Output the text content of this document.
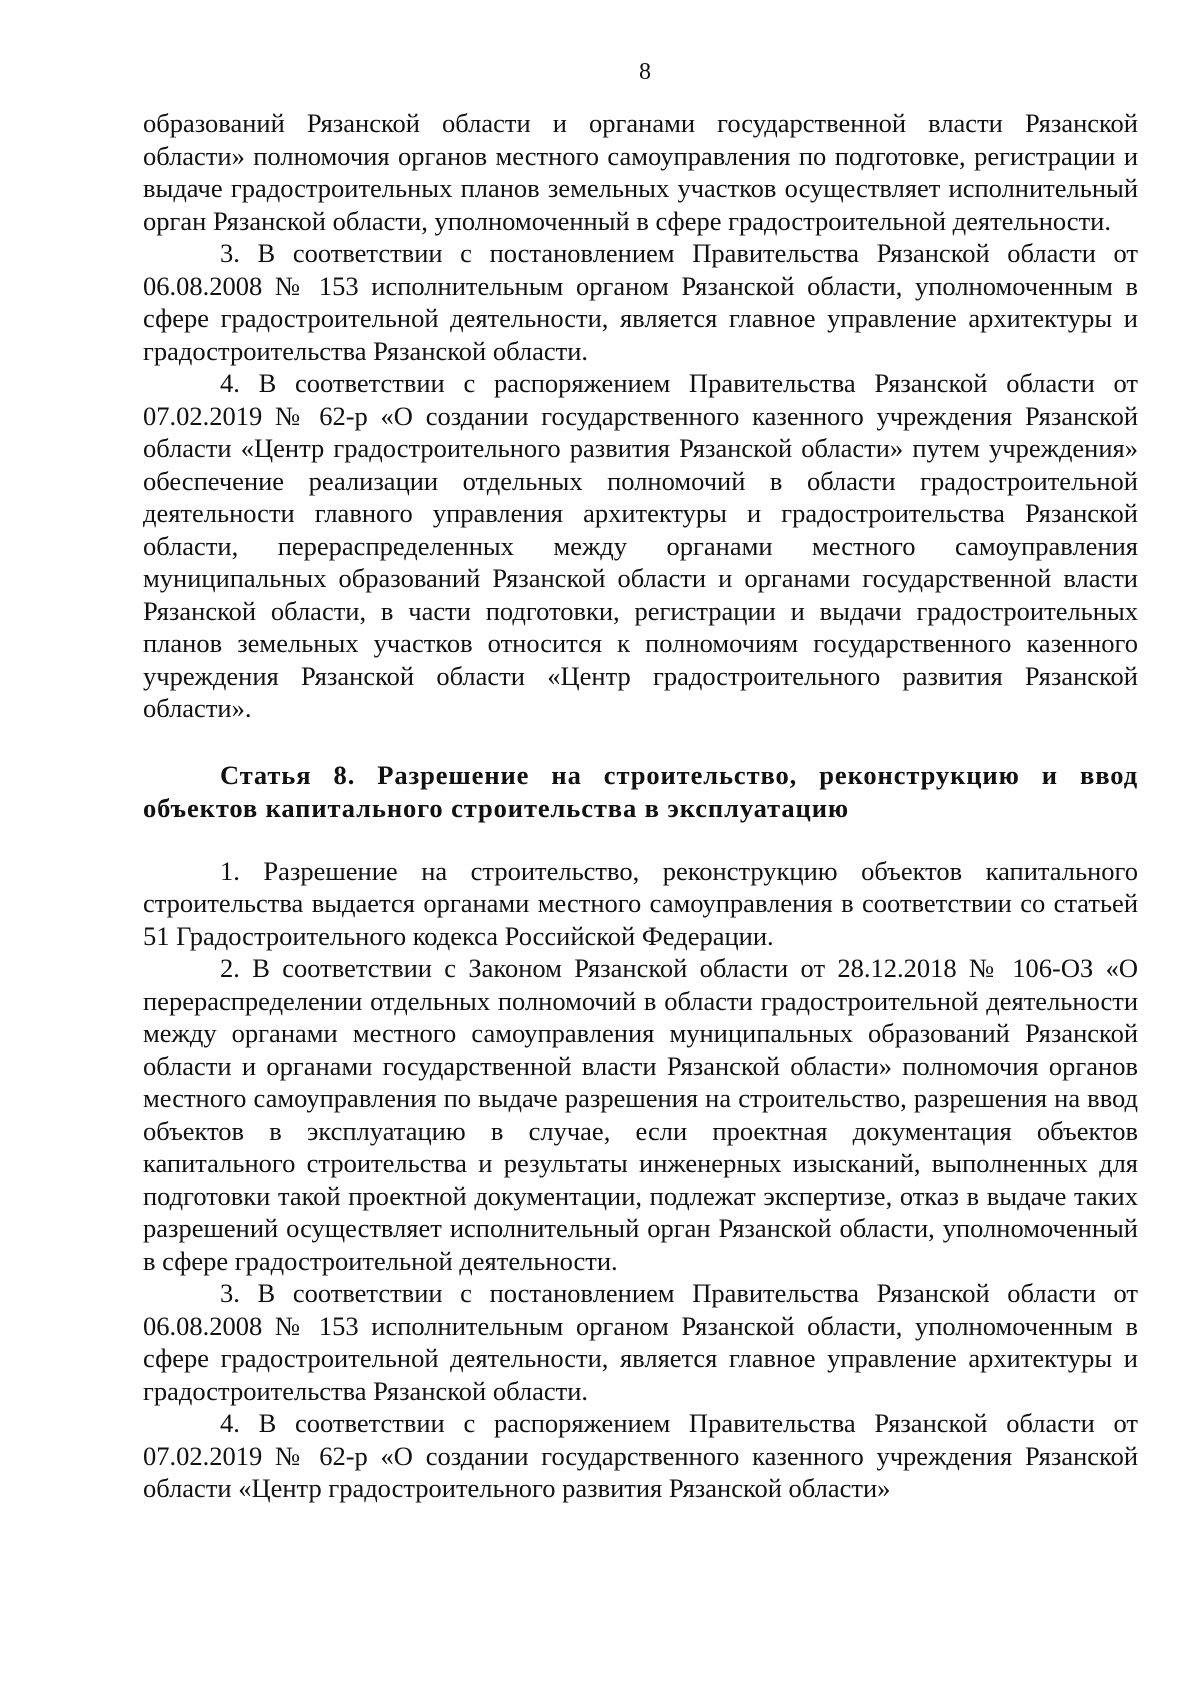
8

образований Рязанской области и органами государственной власти Рязанской области» полномочия органов местного самоуправления по подготовке, регистрации и выдаче градостроительных планов земельных участков осуществляет исполнительный орган Рязанской области, уполномоченный в сфере градостроительной деятельности.

3. В соответствии с постановлением Правительства Рязанской области от 06.08.2008 № 153 исполнительным органом Рязанской области, уполномоченным в сфере градостроительной деятельности, является главное управление архитектуры и градостроительства Рязанской области.

4. В соответствии с распоряжением Правительства Рязанской области от 07.02.2019 № 62-р «О создании государственного казенного учреждения Рязанской области «Центр градостроительного развития Рязанской области» путем учреждения» обеспечение реализации отдельных полномочий в области градостроительной деятельности главного управления архитектуры и градостроительства Рязанской области, перераспределенных между органами местного самоуправления муниципальных образований Рязанской области и органами государственной власти Рязанской области, в части подготовки, регистрации и выдачи градостроительных планов земельных участков относится к полномочиям государственного казенного учреждения Рязанской области «Центр градостроительного развития Рязанской области».

Статья 8. Разрешение на строительство, реконструкцию и ввод объектов капитального строительства в эксплуатацию

1. Разрешение на строительство, реконструкцию объектов капитального строительства выдается органами местного самоуправления в соответствии со статьей 51 Градостроительного кодекса Российской Федерации.

2. В соответствии с Законом Рязанской области от 28.12.2018 № 106-ОЗ «О перераспределении отдельных полномочий в области градостроительной деятельности между органами местного самоуправления муниципальных образований Рязанской области и органами государственной власти Рязанской области» полномочия органов местного самоуправления по выдаче разрешения на строительство, разрешения на ввод объектов в эксплуатацию в случае, если проектная документация объектов капитального строительства и результаты инженерных изысканий, выполненных для подготовки такой проектной документации, подлежат экспертизе, отказ в выдаче таких разрешений осуществляет исполнительный орган Рязанской области, уполномоченный в сфере градостроительной деятельности.

3. В соответствии с постановлением Правительства Рязанской области от 06.08.2008 № 153 исполнительным органом Рязанской области, уполномоченным в сфере градостроительной деятельности, является главное управление архитектуры и градостроительства Рязанской области.

4. В соответствии с распоряжением Правительства Рязанской области от 07.02.2019 № 62-р «О создании государственного казенного учреждения Рязанской области «Центр градостроительного развития Рязанской области»
